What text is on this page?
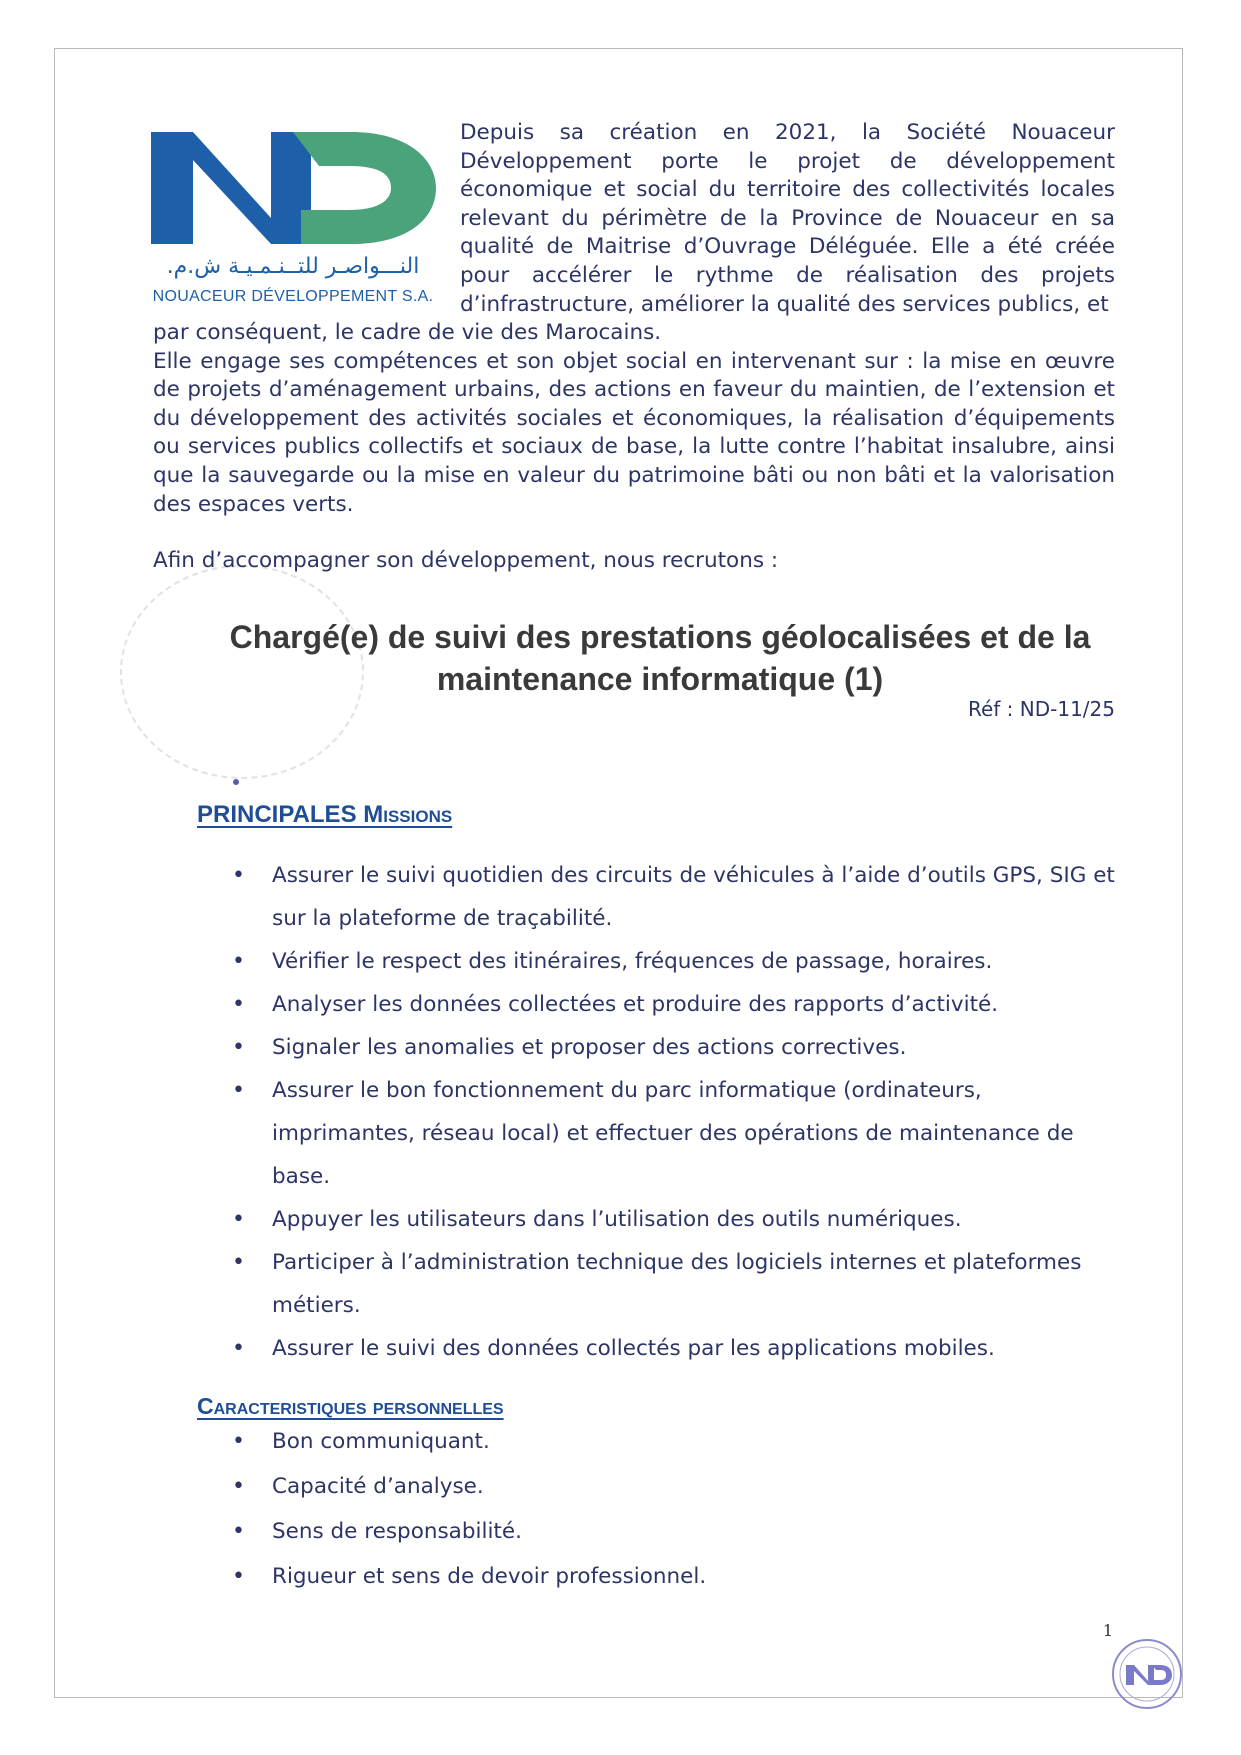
النـــواصـر للتــنـمـيـة ش.م.
NOUACEUR DÉVELOPPEMENT S.A.
Depuis sa création en 2021, la Société Nouaceur Développement porte le projet de développement économique et social du territoire des collectivités locales relevant du périmètre de la Province de Nouaceur en sa qualité de Maitrise d’Ouvrage Déléguée. Elle a été créée pour accélérer le rythme de réalisation des projets d’infrastructure, améliorer la qualité des services publics, et

par conséquent, le cadre de vie des Marocains.

Elle engage ses compétences et son objet social en intervenant sur : la mise en œuvre de projets d’aménagement urbains, des actions en faveur du maintien, de l’extension et du développement des activités sociales et économiques, la réalisation d’équipements ou services publics collectifs et sociaux de base, la lutte contre l’habitat insalubre, ainsi que la sauvegarde ou la mise en valeur du patrimoine bâti ou non bâti et la valorisation des espaces verts.

Afin d’accompagner son développement, nous recrutons :
Chargé(e) de suivi des prestations géolocalisées et de la
maintenance informatique (1)
Réf : ND-11/25
PRINCIPALES Missions
• Assurer le suivi quotidien des circuits de véhicules à l’aide d’outils GPS, SIG et sur la plateforme de traçabilité.
• Vérifier le respect des itinéraires, fréquences de passage, horaires.
• Analyser les données collectées et produire des rapports d’activité.
• Signaler les anomalies et proposer des actions correctives.
• Assurer le bon fonctionnement du parc informatique (ordinateurs, imprimantes, réseau local) et effectuer des opérations de maintenance de base.
• Appuyer les utilisateurs dans l’utilisation des outils numériques.
• Participer à l’administration technique des logiciels internes et plateformes métiers.
• Assurer le suivi des données collectés par les applications mobiles.
Caracteristiques personnelles
• Bon communiquant.
• Capacité d’analyse.
• Sens de responsabilité.
• Rigueur et sens de devoir professionnel.
1
